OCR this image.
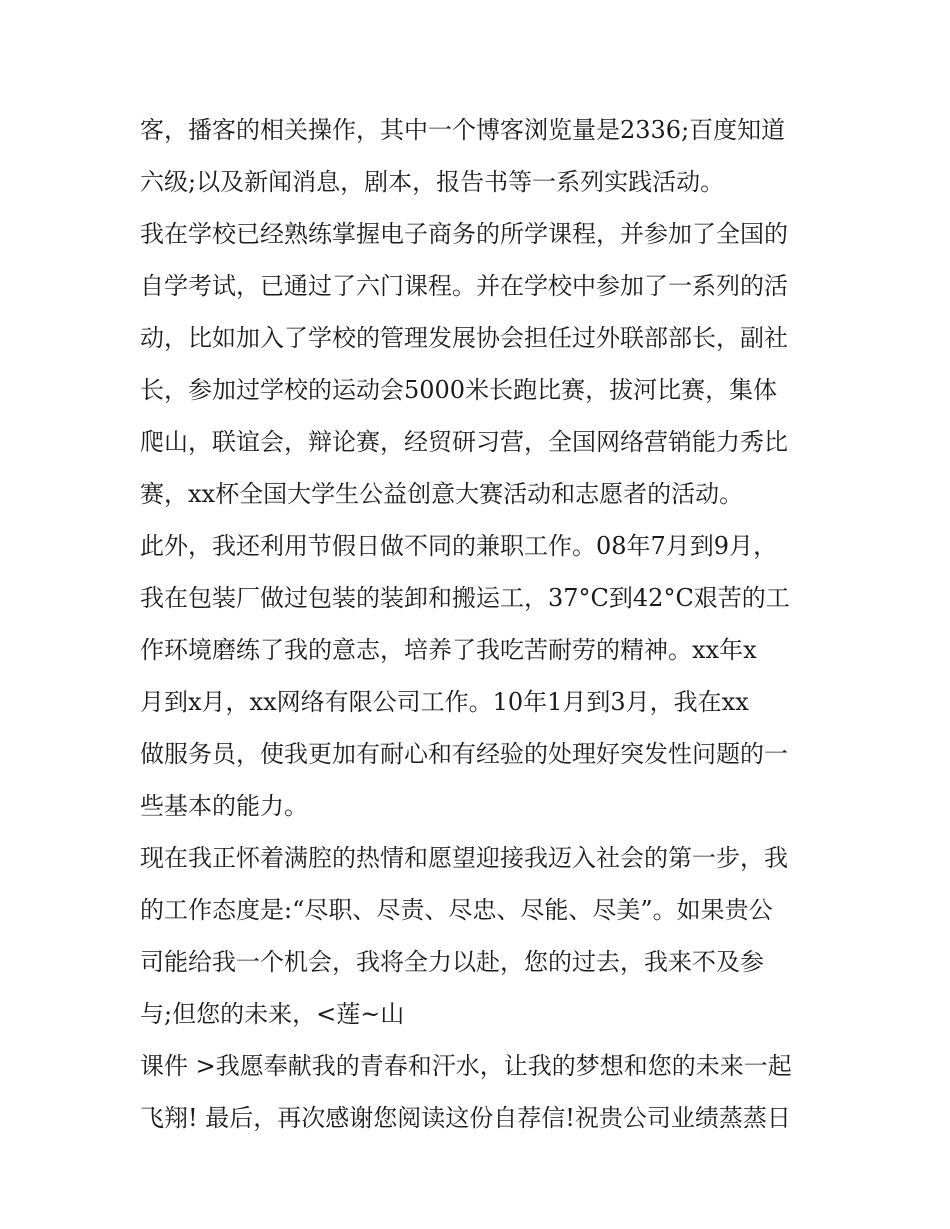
客，播客的相关操作，其中一个博客浏览量是2336;百度知道
六级;以及新闻消息，剧本，报告书等一系列实践活动。
我在学校已经熟练掌握电子商务的所学课程，并参加了全国的
自学考试，已通过了六门课程。并在学校中参加了一系列的活
动，比如加入了学校的管理发展协会担任过外联部部长，副社
长，参加过学校的运动会5000米长跑比赛，拔河比赛，集体
爬山，联谊会，辩论赛，经贸研习营，全国网络营销能力秀比
赛，xx杯全国大学生公益创意大赛活动和志愿者的活动。
此外，我还利用节假日做不同的兼职工作。08年7月到9月，
我在包装厂做过包装的装卸和搬运工，37°C到42°C艰苦的工
作环境磨练了我的意志，培养了我吃苦耐劳的精神。xx年x
月到x月，xx网络有限公司工作。10年1月到3月，我在xx
做服务员，使我更加有耐心和有经验的处理好突发性问题的一
些基本的能力。
现在我正怀着满腔的热情和愿望迎接我迈入社会的第一步，我
的工作态度是:“尽职、尽责、尽忠、尽能、尽美”。如果贵公
司能给我一个机会，我将全力以赴，您的过去，我来不及参
与;但您的未来，<莲~山
课件 >我愿奉献我的青春和汗水，让我的梦想和您的未来一起
飞翔! 最后，再次感谢您阅读这份自荐信!祝贵公司业绩蒸蒸日
